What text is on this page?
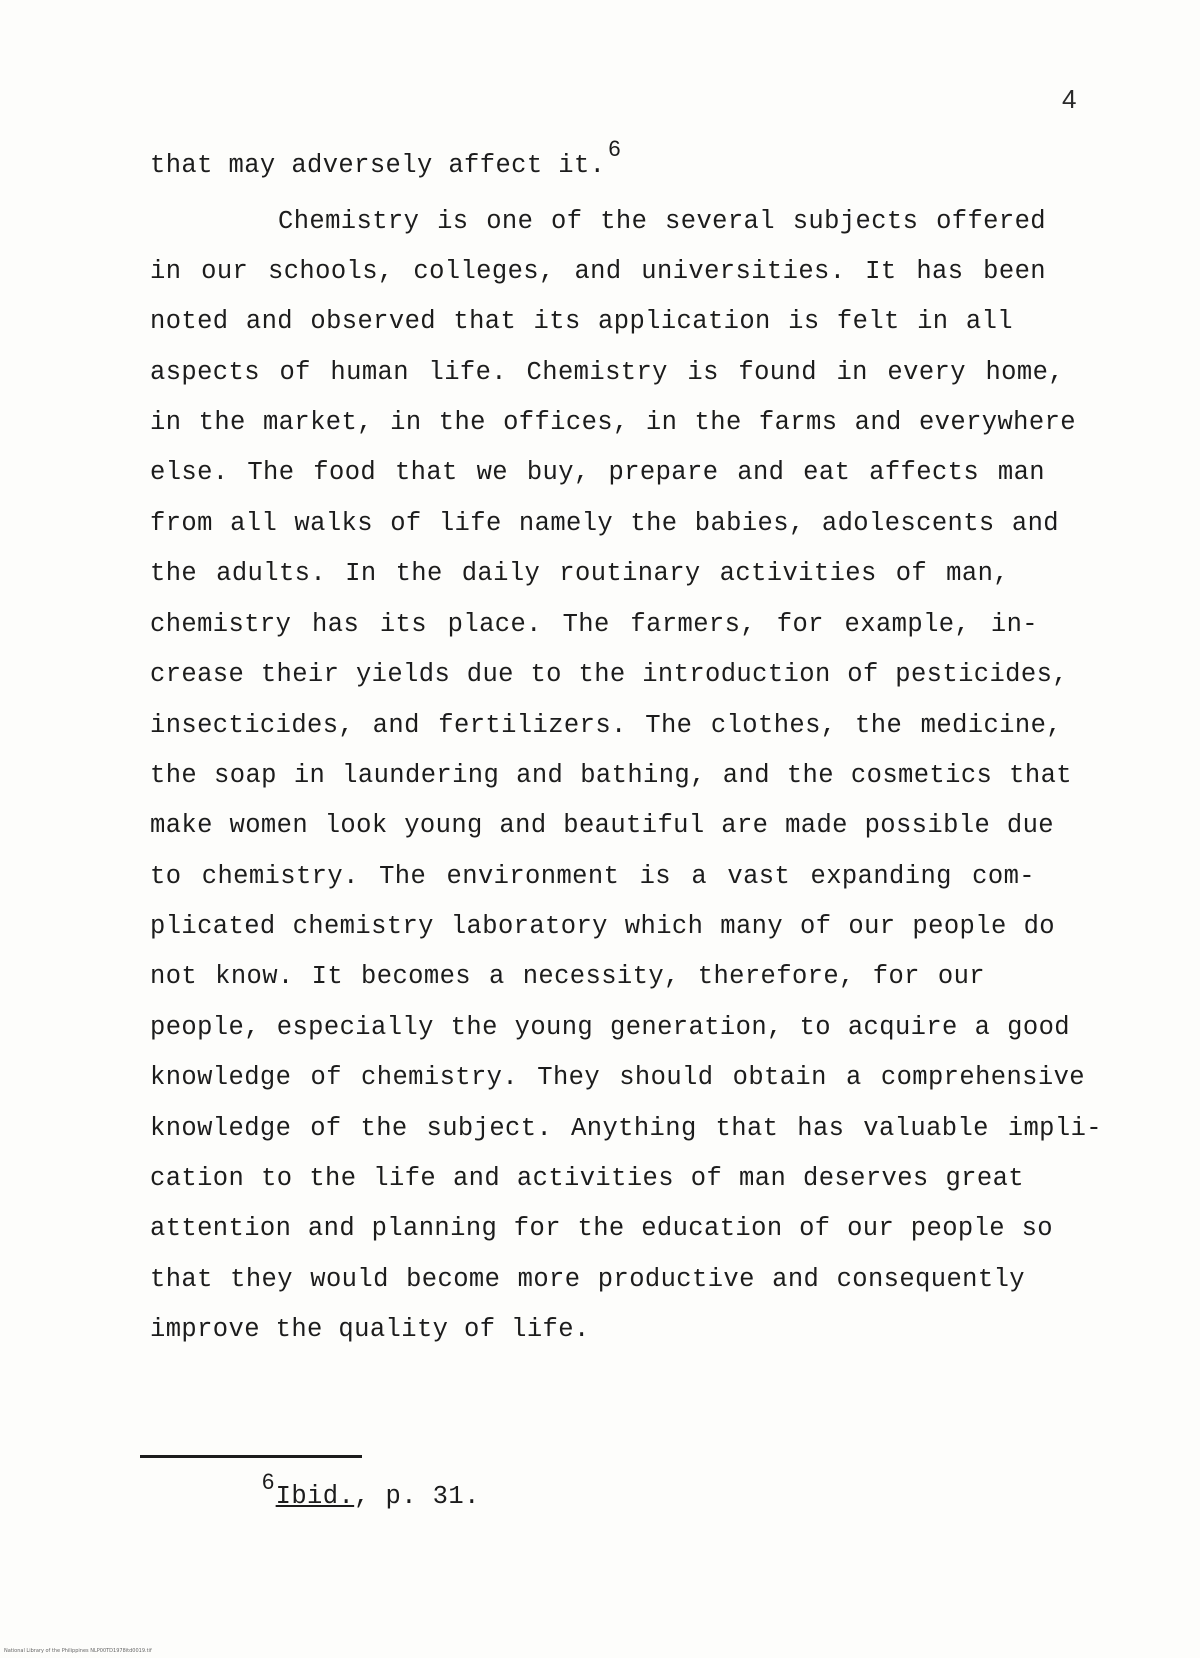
4
that may adversely affect it.6
Chemistry is one of the several subjects offered
in our schools, colleges, and universities. It has been
noted and observed that its application is felt in all
aspects of human life. Chemistry is found in every home,
in the market, in the offices, in the farms and everywhere
else. The food that we buy, prepare and eat affects man
from all walks of life namely the babies, adolescents and
the adults. In the daily routinary activities of man,
chemistry has its place. The farmers, for example, in-
crease their yields due to the introduction of pesticides,
insecticides, and fertilizers. The clothes, the medicine,
the soap in laundering and bathing, and the cosmetics that
make women look young and beautiful are made possible due
to chemistry. The environment is a vast expanding com-
plicated chemistry laboratory which many of our people do
not know. It becomes a necessity, therefore, for our
people, especially the young generation, to acquire a good
knowledge of chemistry. They should obtain a comprehensive
knowledge of the subject. Anything that has valuable impli-
cation to the life and activities of man deserves great
attention and planning for the education of our people so
that they would become more productive and consequently
improve the quality of life.
6Ibid., p. 31.
National Library of the Philippines NLP00TD1978itd0019.tif
